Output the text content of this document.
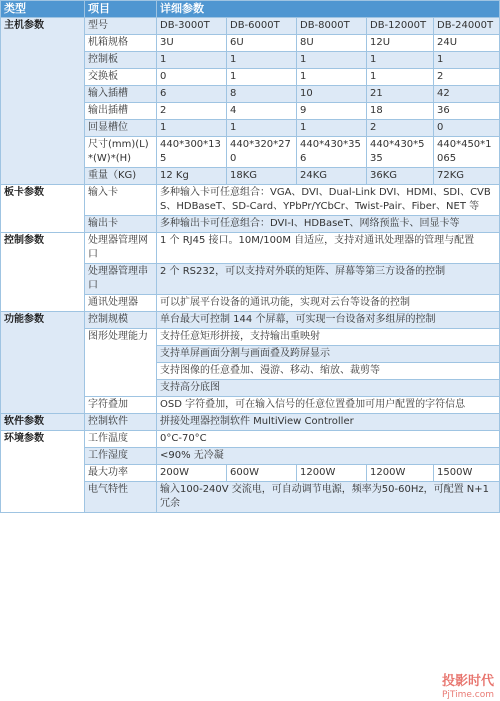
类型	项目	详细参数				
主机参数	型号	DB-3000T	DB-6000T	DB-8000T	DB-12000T	DB-24000T
	机箱规格	3U	6U	8U	12U	24U
	控制板	1	1	1	1	1
	交换板	0	1	1	1	2
	输入插槽	6	8	10	21	42
	输出插槽	2	4	9	18	36
	回显槽位	1	1	1	2	0
	尺寸(mm)(L)*(W)*(H)	440*300*135	440*320*270	440*430*356	440*430*535	440*450*1065
	重量（KG)	12 Kg	18KG	24KG	36KG	72KG
板卡参数	输入卡	多种输入卡可任意组合：VGA、DVI、Dual-Link DVI、HDMI、SDI、CVBS、HDBaseT、SD-Card、YPbPr/YCbCr、Twist-Pair、Fiber、NET 等				
	输出卡	多种输出卡可任意组合：DVI-I、HDBaseT、网络预监卡、回显卡等				
控制参数	处理器管理网口	1 个 RJ45 接口。10M/100M 自适应，支持对通讯处理器的管理与配置				
	处理器管理串口	2 个 RS232，可以支持对外联的矩阵、屏幕等第三方设备的控制				
	通讯处理器	可以扩展平台设备的通讯功能，实现对云台等设备的控制				
功能参数	控制规模	单台最大可控制 144 个屏幕，可实现一台设备对多组屏的控制				
	图形处理能力	支持任意矩形拼接，支持输出重映射				
		支持单屏画面分割与画面叠及跨屏显示				
		支持图像的任意叠加、漫游、移动、缩放、裁剪等				
		支持高分底图				
	字符叠加	OSD 字符叠加，可在输入信号的任意位置叠加可用户配置的字符信息				
软件参数	控制软件	拼接处理器控制软件 MultiView Controller				
环境参数	工作温度	0°C-70°C				
	工作湿度	<90% 无冷凝				
	最大功率	200W	600W	1200W	1200W	1500W
	电气特性	输入100-240V 交流电，可自动调节电源，频率为50-60Hz，可配置 N+1 冗余				
投影时代
PjTime.com
